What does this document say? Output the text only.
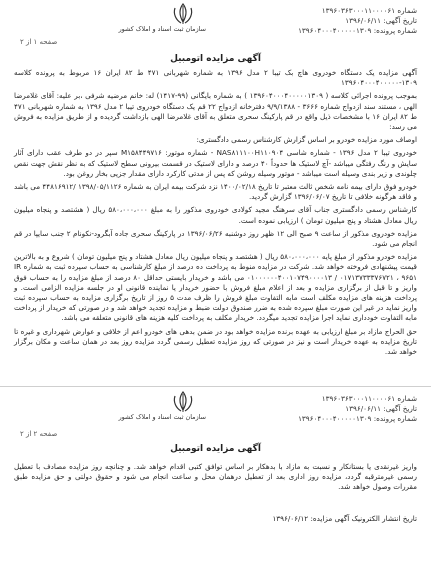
شماره ۱۳۹۶۰۳۶۳۰۰۰۱۱۰۰۰۰۶۱
تاریخ آگهی: ۱۳۹۶/۰۶/۱۱
شماره پرونده: ۱۳۹۶۰۴۰۰۰۴۰۰۰۰۰۱۳۰۹
سازمان ثبت اسناد و املاک کشور
صفحه ۱ از ۲
آگهی مزایده اتومبیل

آگهی مزایده یک دستگاه خودروی هاچ بک تیبا ۲ مدل ۱۳۹۶ به شماره شهربانی ۴۷۱ ط ۸۲ ایران ۱۶ مربوط به پرونده کلاسه ۱۳۰۹-۱۳۹۶۰۴۰۰۰۴۰۰۰۰۰

بموجب پرونده اجرائی کلاسه ( ۱۳۹۶۰۴۰۰۰۴۰۰۰۰۰۱۳۰۹ ) به شماره بایگانی (۹۹-۱۴۱۷) له: خانم مرضیه شرفی ،بر علیه: آقای غلامرضا الهی ، مستند سند ازدواج شماره ۳۶۶۶ - ۹/۹/۱۳۸۸ دفترخانه ازدواج ۲۲ قم یک دستگاه خودروی تیبا ۲ مدل ۱۳۹۶ به شماره شهربانی ۴۷۱ ط ۸۲ ایران ۱۶ با مشخصات ذیل واقع در قم پارکینگ سحری متعلق به آقای غلامرضا الهی بازداشت گردیده و از طریق مزایده به فروش می رسد:

اوصاف مورد مزایده خودرو بر اساس گزارش کارشناس رسمی دادگستری:

خودروی تیبا ۲ مدل ۱۳۹۶ - شماره شاسی NAS۸۱۱۱۰۰H۱۱۰۹۰۴ - شماره موتور: M۱۵۸۴۴۹۷۱۶ سپر در دو طرف عقب دارای آثار سایش و رنگ رفتگی میباشد -آچ لاستیک ها حدوداً ۴۰ درصد و دارای لاستیک در قسمت بیرونی سطح لاستیک که به نظر نقش جهت نقص چلوندی و زیر بندی وسیله است میباشد - موتور وسیله روشن که پس از مدتی کارکرد دارای مقدار جزیی بخار روغن بود.

خودرو فوق دارای بیمه نامه شخص ثالث معتبر تا تاریخ ۱۴۰۰/۰۲/۱۸ نزد شرکت بیمه ایران به شماره ۱۳۹۸/۰۵/۱۱۲۶ /۴۴۸۱۶۹۱۲ می باشد و فاقد هرگونه خلافی تا تاریخ ۱۳۹۶/۰۶/۰۷ گزارش گردید.

کارشناس رسمی دادگستری جناب آقای سرهنگ مجید کولادی خودروی مذکور را به مبلغ ۵۸۰،۰۰۰،۰۰۰ ریال ( هشتصد و پنجاه میلیون ریال معادل هشتاد و پنج میلیون تومان ) ارزیابی نموده است.

مزایده خودروی مذکور از ساعت ۹ صبح الی ۱۲ ظهر روز دوشنبه ۱۳۹۶/۰۶/۲۶ در پارکینگ سحری جاده آبگرود-نکونام ۲ جنب سایپا در قم انجام می شود.

مزایده خودرو مذکور از مبلغ پایه ۵۸۰،۰۰۰،۰۰۰ ریال ( هشتصد و پنجاه میلیون ریال معادل هشتاد و پنج میلیون تومان ) شروع و به بالاترین قیمت پیشنهادی فروخته خواهد شد. شرکت در مزایده منوط به پرداخت ده درصد از مبلغ کارشناسی به حساب سپرده ثبت به شماره IR ۰۱۰۰۰۰۰۰۴۰۰۱۰۷۴۹۰۰۰۰۱۳ / ۰۱۷۱۳۷۳۳۳۷۶۷۲۱ ، ۹۶۵۱ می باشد و خریدار بایستی حداقل ۸۰ درصد از مبلغ مزایده را به حساب فوق واریز و تا قبل از برگزاری مزایده و بعد از اعلام مبلغ فروش با حضور خریدار یا نماینده قانونی او در جلسه مزایده الزامی است. و پرداخت هزینه های مزایده مکلف است مابه التفاوت مبلغ فروش را ظرف مدت ۵ روز از تاریخ برگزاری مزایده به حساب سپرده ثبت واریز نماید در غیر این صورت مبلغ سپرده شده به ضرر صندوق دولت ضبط و مزایده تجدید خواهد شد و در صورتی که خریدار از پرداخت مابه التفاوت خودداری نماید اجرا مزایده تجدید میگردد. خریدار مکلف به پرداخت کلیه هزینه های قانونی متعلقه می باشد.

حق الحراج مازاد بر مبلغ ارزیابی به عهده برنده مزایده خواهد بود در ضمن بدهی های خودرو اعم از خلافی و عوارض شهرداری و غیره تا تاریخ مزایده به عهده خریدار است و نیز در صورتی که روز مزایده تعطیل رسمی گردد مزایده روز بعد در همان ساعت و مکان برگزار خواهد شد.

شماره ۱۳۹۶۰۳۶۳۰۰۰۱۱۰۰۰۰۶۱
تاریخ آگهی: ۱۳۹۶/۰۶/۱۱
شماره پرونده: ۱۳۹۶۰۴۰۰۰۴۰۰۰۰۰۱۳۰۹
سازمان ثبت اسناد و املاک کشور
صفحه ۲ از ۲
آگهی مزایده اتومبیل

واریز غیرنقدی یا بستانکار و نسبت به مازاد با بدهکار بر اساس توافق کتبی اقدام خواهد شد. و چنانچه روز مزایده مصادف با تعطیل رسمی غیرمترقبه گردد، مزایده روز اداری بعد از تعطیل درهمان محل و ساعت انجام می شود و حقوق دولتی و حق مزایده طبق مقررات وصول خواهد شد.

تاریخ انتشار الکترونیک آگهی مزایده: ۱۳۹۶/۰۶/۱۲
